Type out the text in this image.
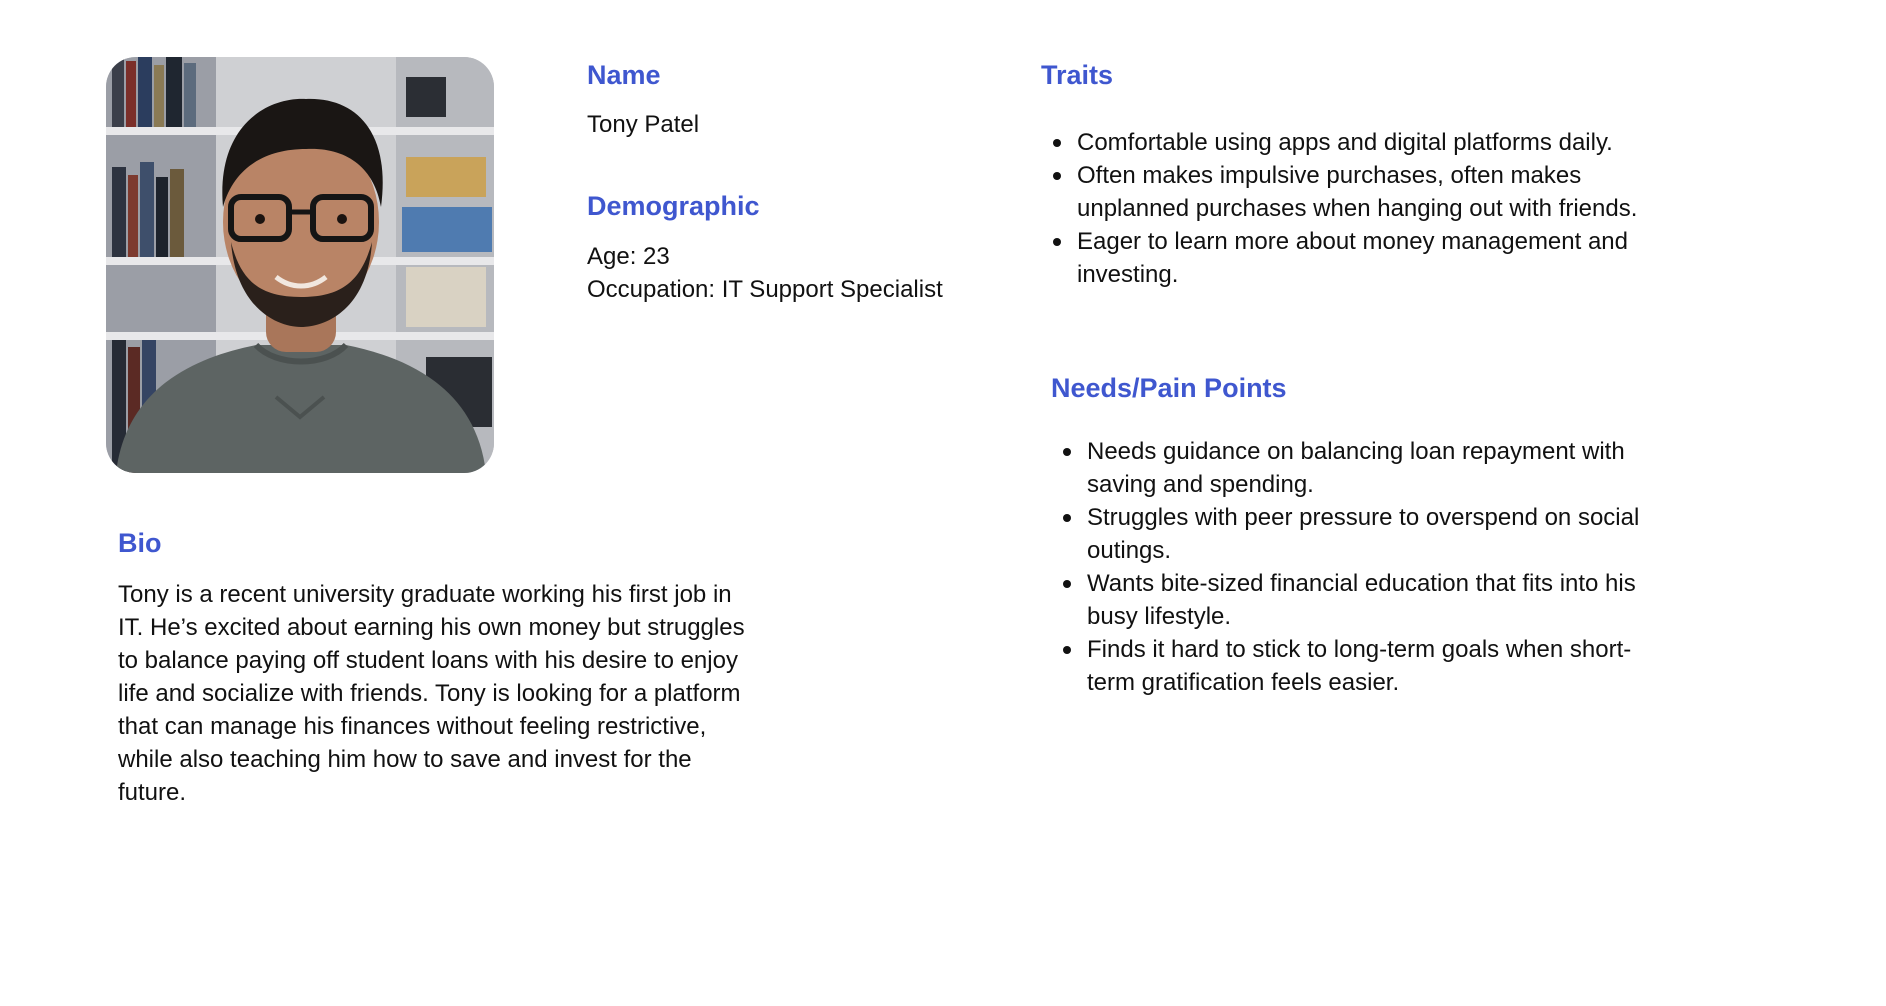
Name

Tony Patel

Demographic

Age: 23

Occupation: IT Support Specialist

Traits
Comfortable using apps and digital platforms daily.
Often makes impulsive purchases, often makes unplanned purchases when hanging out with friends.
Eager to learn more about money management and investing.
Needs/Pain Points
Needs guidance on balancing loan repayment with saving and spending.
Struggles with peer pressure to overspend on social outings.
Wants bite-sized financial education that fits into his busy lifestyle.
Finds it hard to stick to long-term goals when short-term gratification feels easier.
Bio

Tony is a recent university graduate working his first job in IT. He’s excited about earning his own money but struggles to balance paying off student loans with his desire to enjoy life and socialize with friends. Tony is looking for a platform that can manage his finances without feeling restrictive, while also teaching him how to save and invest for the future.
